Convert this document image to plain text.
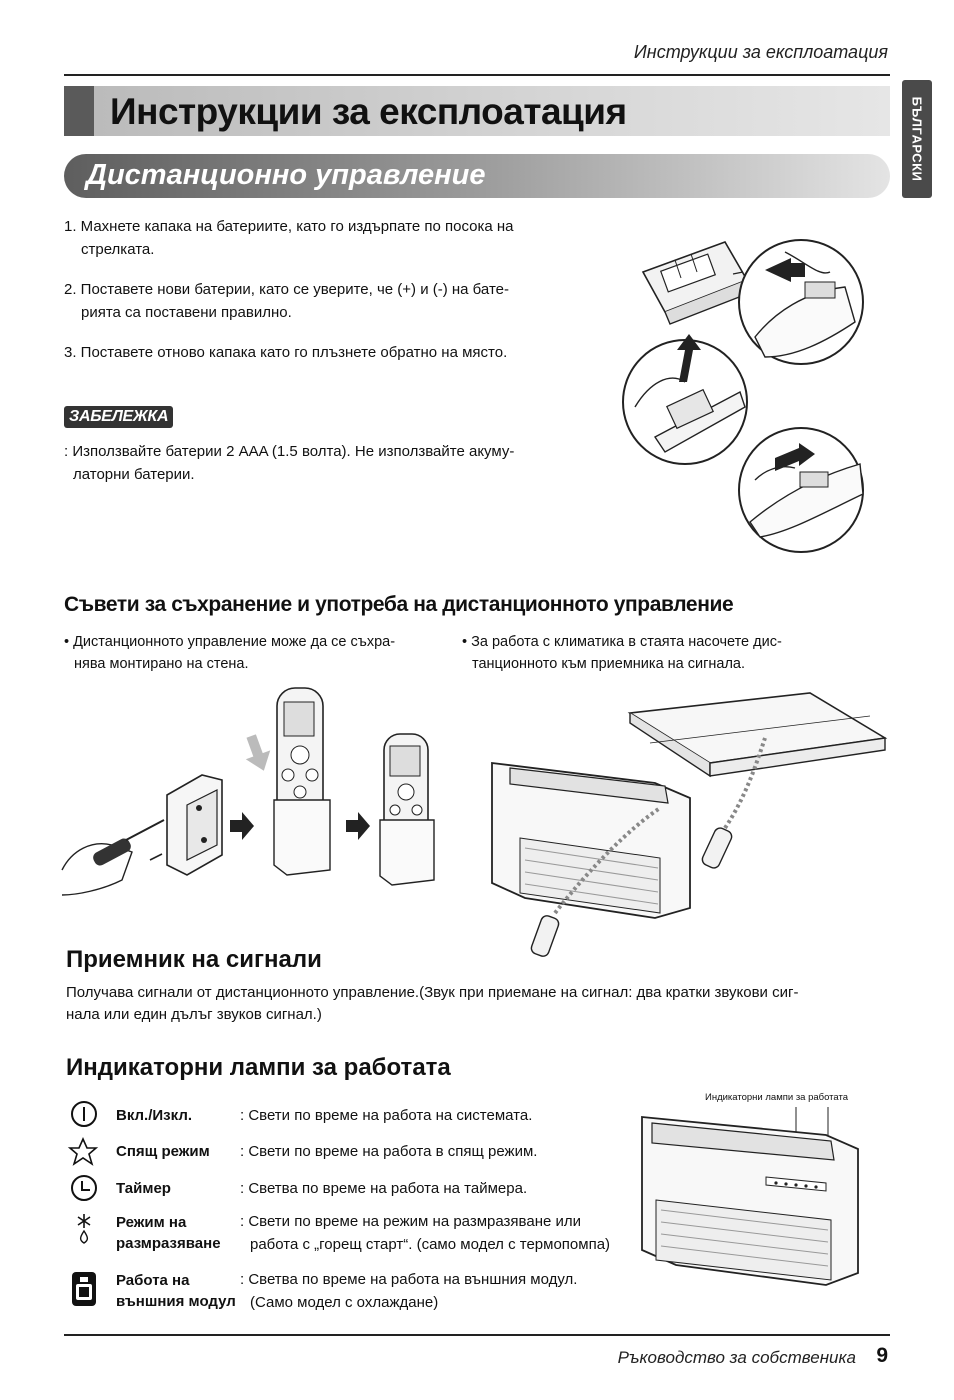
Инструкции за експлоатация
Инструкции за експлоатация	БЪЛГАРСКИ
Дистанционно управление
1. Махнете капака на батериите, като го издърпате по посока на
стрелката.
2. Поставете нови батерии, като се уверите, че (+) и (-) на бате-
рията са поставени правилно.
3. Поставете отново капака като го плъзнете обратно на място.
ЗАБЕЛЕЖКА
: Използвайте батерии 2 AAA (1.5 волта). Не използвайте акуму-
латорни батерии.
Съвети за съхранение и употреба на дистанционното управление
• Дистанционното управление може да се съхра-
нява монтирано на стена.
• За работа с климатика в стаята насочете дис-
танционното към приемника на сигнала.
Приемник на сигнали
Получава сигнали от дистанционното управление.(Звук при приемане на сигнал: два кратки звукови сиг-
нала или един дълъг звуков сигнал.)
Индикаторни лампи за работата
Вкл./Изкл.	: Свети по време на работа на системата.
Спящ режим : Свети по време на работа в спящ режим.
Таймер	: Светва по време на работа на таймера.
Режим на
размразяване
: Свети по време на режим на размразяване или
работа с „горещ старт“. (само модел с термопомпа)
Работа на
външния модул
: Светва по време на работа на външния модул.
(Само модел с охлаждане)
Индикаторни лампи за работата
Ръководство за собственика 9
